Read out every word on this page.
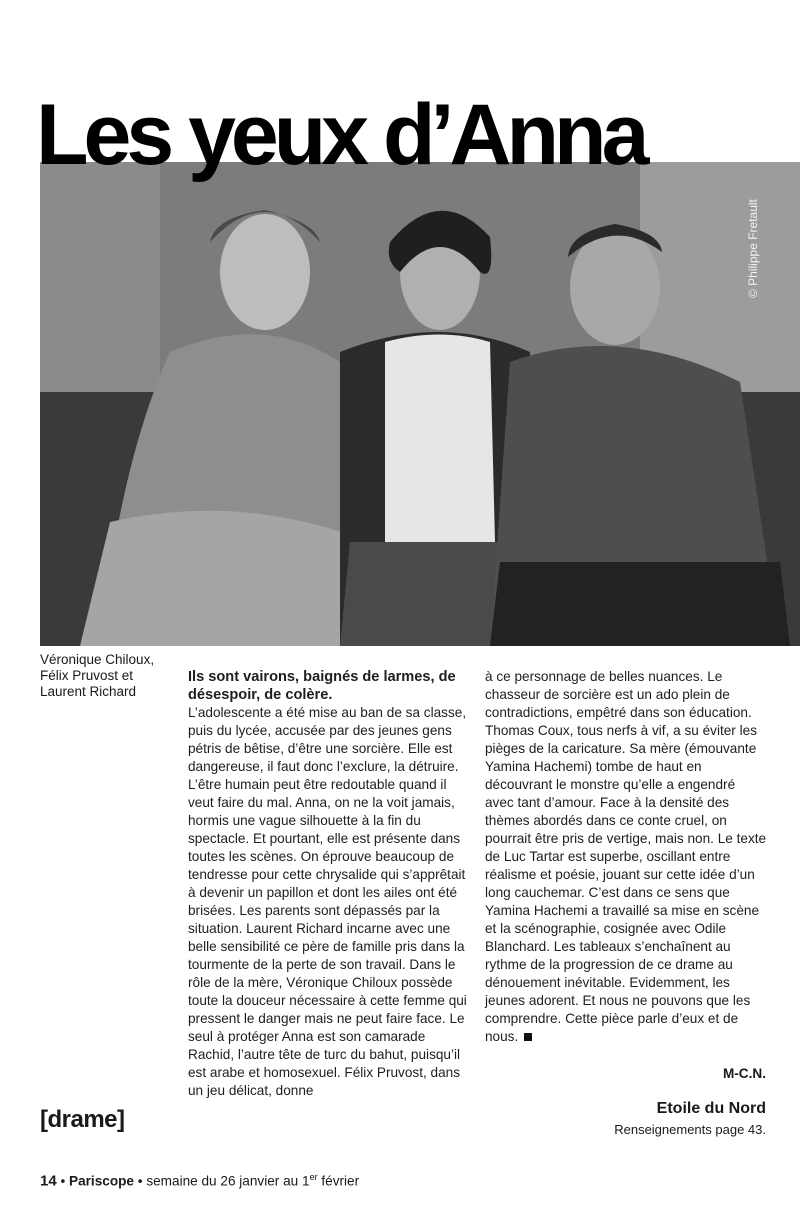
Les yeux d’Anna
© Philippe Fretault
Véronique Chiloux, Félix Pruvost et Laurent Richard

Ils sont vairons, baignés de larmes, de désespoir, de colère.

L’adolescente a été mise au ban de sa classe, puis du lycée, accusée par des jeunes gens pétris de bêtise, d’être une sorcière. Elle est dangereuse, il faut donc l’exclure, la détruire. L’être humain peut être redoutable quand il veut faire du mal. Anna, on ne la voit jamais, hormis une vague silhouette à la fin du spectacle. Et pourtant, elle est présente dans toutes les scènes. On éprouve beaucoup de tendresse pour cette chrysalide qui s’apprêtait à devenir un papillon et dont les ailes ont été brisées. Les parents sont dépassés par la situation. Laurent Richard incarne avec une belle sensibilité ce père de famille pris dans la tourmente de la perte de son travail. Dans le rôle de la mère, Véronique Chiloux possède toute la douceur nécessaire à cette femme qui pressent le danger mais ne peut faire face. Le seul à protéger Anna est son camarade Rachid, l’autre tête de turc du bahut, puisqu’il est arabe et homosexuel. Félix Pruvost, dans un jeu délicat, donne

à ce personnage de belles nuances. Le chasseur de sorcière est un ado plein de contradictions, empêtré dans son éducation. Thomas Coux, tous nerfs à vif, a su éviter les pièges de la caricature. Sa mère (émouvante Yamina Hachemi) tombe de haut en découvrant le monstre qu’elle a engendré avec tant d’amour. Face à la densité des thèmes abordés dans ce conte cruel, on pourrait être pris de vertige, mais non. Le texte de Luc Tartar est superbe, oscillant entre réalisme et poésie, jouant sur cette idée d’un long cauchemar. C’est dans ce sens que Yamina Hachemi a travaillé sa mise en scène et la scénographie, cosignée avec Odile Blanchard. Les tableaux s’enchaînent au rythme de la progression de ce drame au dénouement inévitable. Evidemment, les jeunes adorent. Et nous ne pouvons que les comprendre. Cette pièce parle d’eux et de nous.

M-C.N.
Etoile du Nord
Renseignements page 43.
[drame]
14 • Pariscope • semaine du 26 janvier au 1er février
